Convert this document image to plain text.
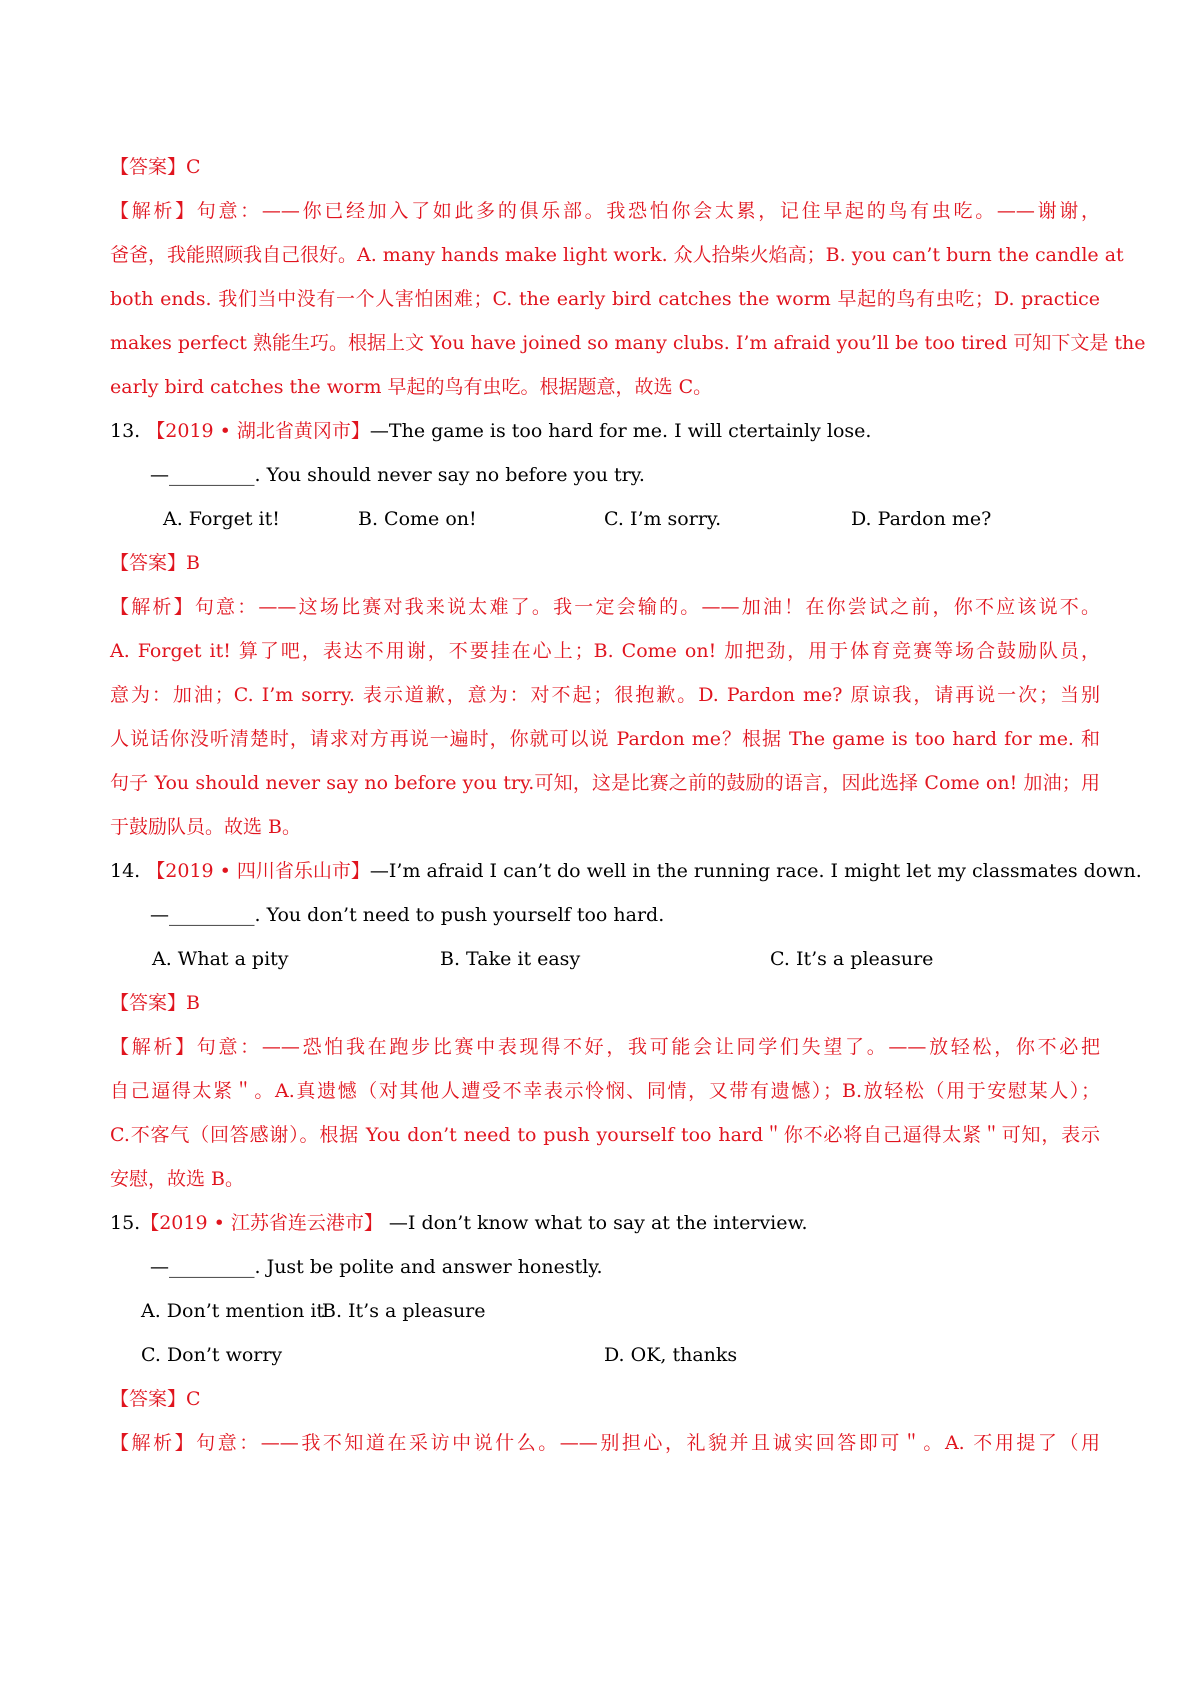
【答案】C
【解析】句意：——你已经加入了如此多的俱乐部。我恐怕你会太累，记住早起的鸟有虫吃。——谢谢，
爸爸，我能照顾我自己很好。A. many hands make light work. 众人拾柴火焰高；B. you can’t burn the candle at
both ends. 我们当中没有一个人害怕困难；C. the early bird catches the worm 早起的鸟有虫吃；D. practice
makes perfect 熟能生巧。根据上文 You have joined so many clubs. I’m afraid you’ll be too tired 可知下文是 the
early bird catches the worm 早起的鸟有虫吃。根据题意，故选 C。
13. 【2019 • 湖北省黄冈市】—The game is too hard for me. I will ctertainly lose.
—_________. You should never say no before you try.
A. Forget it!	B. Come on!	C. I’m sorry.	D. Pardon me?
【答案】B
【解析】句意：——这场比赛对我来说太难了。我一定会输的。——加油！在你尝试之前，你不应该说不。
A. Forget it! 算了吧，表达不用谢，不要挂在心上；B. Come on! 加把劲，用于体育竞赛等场合鼓励队员，
意为：加油；C. I’m sorry. 表示道歉，意为：对不起；很抱歉。D. Pardon me? 原谅我，请再说一次；当别
人说话你没听清楚时，请求对方再说一遍时，你就可以说 Pardon me？根据 The game is too hard for me. 和
句子 You should never say no before you try.可知，这是比赛之前的鼓励的语言，因此选择 Come on! 加油；用
于鼓励队员。故选 B。
14. 【2019 • 四川省乐山市】—I’m afraid I can’t do well in the running race. I might let my classmates down.
—_________. You don’t need to push yourself too hard.
A. What a pity	B. Take it easy	C. It’s a pleasure
【答案】B
【解析】句意：——恐怕我在跑步比赛中表现得不好，我可能会让同学们失望了。——放轻松，你不必把
自己逼得太紧＂。A.真遗憾（对其他人遭受不幸表示怜悯、同情，又带有遗憾）；B.放轻松（用于安慰某人）；
C.不客气（回答感谢）。根据 You don’t need to push yourself too hard＂你不必将自己逼得太紧＂可知，表示
安慰，故选 B。
15.【2019 • 江苏省连云港市】 —I don’t know what to say at the interview.
—_________. Just be polite and answer honestly.
A. Don’t mention it
B. It’s a pleasure
C. Don’t worry	D. OK, thanks
【答案】C
【解析】句意：——我不知道在采访中说什么。——别担心，礼貌并且诚实回答即可＂。A. 不用提了（用
